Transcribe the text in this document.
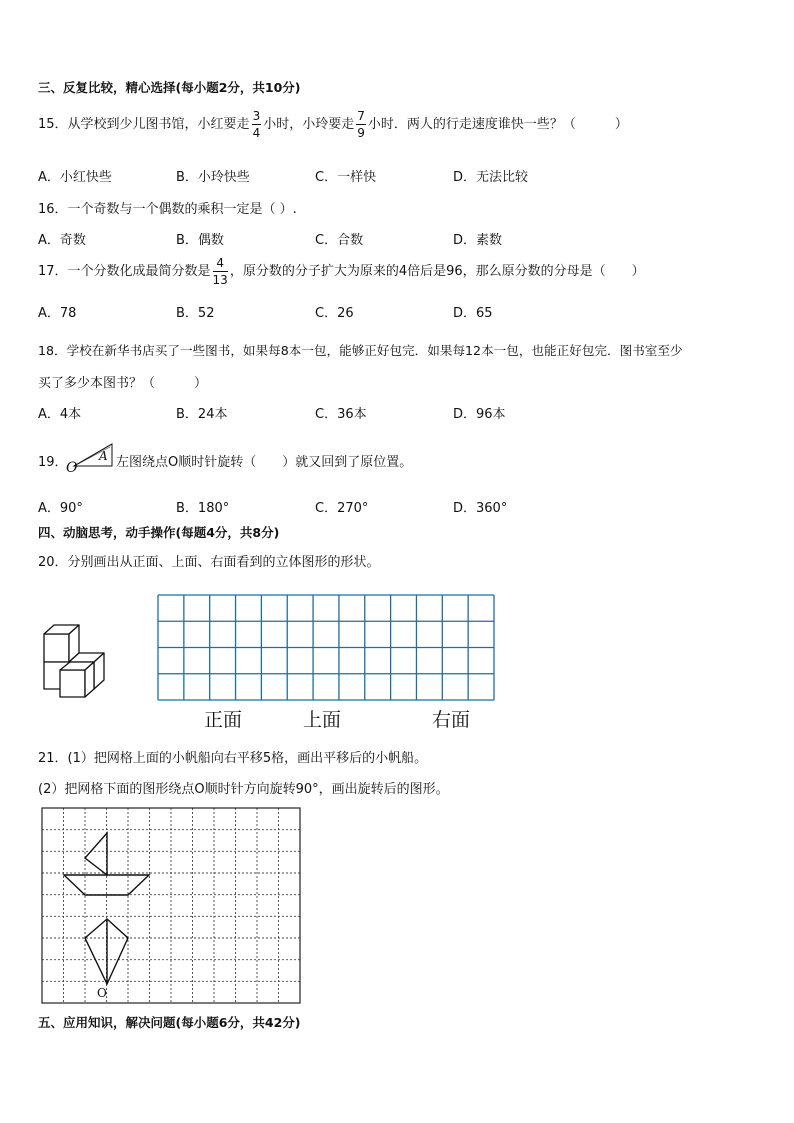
三、反复比较，精心选择(每小题2分，共10分)
15．从学校到少儿图书馆，小红要走 $\frac{3}{4}$ 小时，小玲要走 $\frac{7}{9}$ 小时．两人的行走速度谁快一些？（　　　）
A．小红快些	B．小玲快些	C．一样快	D．无法比较
16．一个奇数与一个偶数的乘积一定是（ ）.
A．奇数	B．偶数	C．合数	D．素数
17．一个分数化成最简分数是 $\frac{4}{13}$ ，原分数的分子扩大为原来的4倍后是96，那么原分数的分母是（　　）
A．78	B．52	C．26	D．65
18．学校在新华书店买了一些图书，如果每8本一包，能够正好包完．如果每12本一包，也能正好包完．图书室至少
买了多少本图书？（　　　）
A．4本	B．24本	C．36本	D．96本
19．
O
A 左图绕点O顺时针旋转（　　）就又回到了原位置。
A．90°	B．180°	C．270°	D．360°
四、动脑思考，动手操作(每题4分，共8分)
20．分别画出从正面、上面、右面看到的立体图形的形状。
正面	上面	右面
21．(1）把网格上面的小帆船向右平移5格，画出平移后的小帆船。
(2）把网格下面的图形绕点O顺时针方向旋转90°，画出旋转后的图形。
O
五、应用知识，解决问题(每小题6分，共42分)
